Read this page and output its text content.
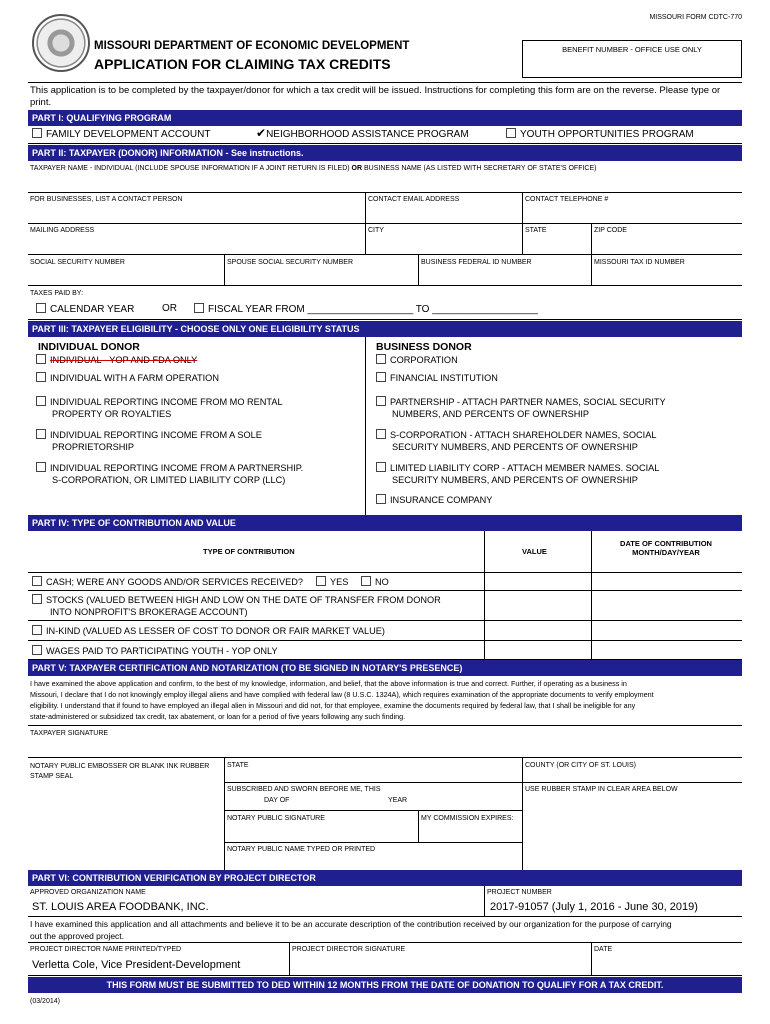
MISSOURI FORM CDTC-770
MISSOURI DEPARTMENT OF ECONOMIC DEVELOPMENT
APPLICATION FOR CLAIMING TAX CREDITS
BENEFIT NUMBER - OFFICE USE ONLY
This application is to be completed by the taxpayer/donor for which a tax credit will be issued. Instructions for completing this form are on the reverse. Please type or print.
PART I: QUALIFYING PROGRAM
FAMILY DEVELOPMENT ACCOUNT	✔NEIGHBORHOOD ASSISTANCE PROGRAM	YOUTH OPPORTUNITIES PROGRAM
PART II: TAXPAYER (DONOR) INFORMATION - See instructions.
TAXPAYER NAME - INDIVIDUAL (INCLUDE SPOUSE INFORMATION IF A JOINT RETURN IS FILED) OR BUSINESS NAME (AS LISTED WITH SECRETARY OF STATE'S OFFICE)
FOR BUSINESSES, LIST A CONTACT PERSON	CONTACT EMAIL ADDRESS	CONTACT TELEPHONE #
MAILING ADDRESS	CITY	STATE	ZIP CODE
SOCIAL SECURITY NUMBER	SPOUSE SOCIAL SECURITY NUMBER	BUSINESS FEDERAL ID NUMBER	MISSOURI TAX ID NUMBER
TAXES PAID BY:
CALENDAR YEAR	OR	FISCAL YEAR FROM ___________________ TO ___________________
PART III: TAXPAYER ELIGIBILITY - CHOOSE ONLY ONE ELIGIBILITY STATUS
INDIVIDUAL DONOR	BUSINESS DONOR
INDIVIDUAL - YOP AND FDA ONLY
INDIVIDUAL WITH A FARM OPERATION
INDIVIDUAL REPORTING INCOME FROM MO RENTAL
PROPERTY OR ROYALTIES
INDIVIDUAL REPORTING INCOME FROM A SOLE
PROPRIETORSHIP
INDIVIDUAL REPORTING INCOME FROM A PARTNERSHIP.
S-CORPORATION, OR LIMITED LIABILITY CORP (LLC)
CORPORATION
FINANCIAL INSTITUTION
PARTNERSHIP - ATTACH PARTNER NAMES, SOCIAL SECURITY
NUMBERS, AND PERCENTS OF OWNERSHIP
S-CORPORATION - ATTACH SHAREHOLDER NAMES, SOCIAL
SECURITY NUMBERS, AND PERCENTS OF OWNERSHIP
LIMITED LIABILITY CORP - ATTACH MEMBER NAMES. SOCIAL
SECURITY NUMBERS, AND PERCENTS OF OWNERSHIP
INSURANCE COMPANY
PART IV: TYPE OF CONTRIBUTION AND VALUE
TYPE OF CONTRIBUTION	VALUE
DATE OF CONTRIBUTION
MONTH/DAY/YEAR
CASH; WERE ANY GOODS AND/OR SERVICES RECEIVED?	YES	NO
STOCKS (VALUED BETWEEN HIGH AND LOW ON THE DATE OF TRANSFER FROM DONOR
INTO NONPROFIT'S BROKERAGE ACCOUNT)
IN-KIND (VALUED AS LESSER OF COST TO DONOR OR FAIR MARKET VALUE)
WAGES PAID TO PARTICIPATING YOUTH - YOP ONLY
PART V: TAXPAYER CERTIFICATION AND NOTARIZATION (TO BE SIGNED IN NOTARY'S PRESENCE)
I have examined the above application and confirm, to the best of my knowledge, information, and belief, that the above information is true and correct. Further, if operating as a business in
Missouri, I declare that I do not knowingly employ illegal aliens and have complied with federal law (8 U.S.C. 1324A), which requires examination of the appropriate documents to verify employment
eligibility. I understand that if found to have employed an illegal alien in Missouri and did not, for that employee, examine the documents required by federal law, that I shall be ineligible for any
state-administered or subsidized tax credit, tax abatement, or loan for a period of five years following any such finding.
TAXPAYER SIGNATURE
NOTARY PUBLIC EMBOSSER OR BLANK INK RUBBER
STAMP SEAL
STATE	COUNTY (OR CITY OF ST. LOUIS)
SUBSCRIBED AND SWORN BEFORE ME, THIS
DAY OF	YEAR
USE RUBBER STAMP IN CLEAR AREA BELOW
NOTARY PUBLIC SIGNATURE	MY COMMISSION EXPIRES:
NOTARY PUBLIC NAME TYPED OR PRINTED
PART VI: CONTRIBUTION VERIFICATION BY PROJECT DIRECTOR
APPROVED ORGANIZATION NAME
ST. LOUIS AREA FOODBANK, INC.
PROJECT NUMBER
2017-91057 (July 1, 2016 - June 30, 2019)
I have examined this application and all attachments and believe it to be an accurate description of the contribution received by our organization for the purpose of carrying
out the approved project.
PROJECT DIRECTOR NAME PRINTED/TYPED
Verletta Cole, Vice President-Development
PROJECT DIRECTOR SIGNATURE	DATE
THIS FORM MUST BE SUBMITTED TO DED WITHIN 12 MONTHS FROM THE DATE OF DONATION TO QUALIFY FOR A TAX CREDIT.
(03/2014)
